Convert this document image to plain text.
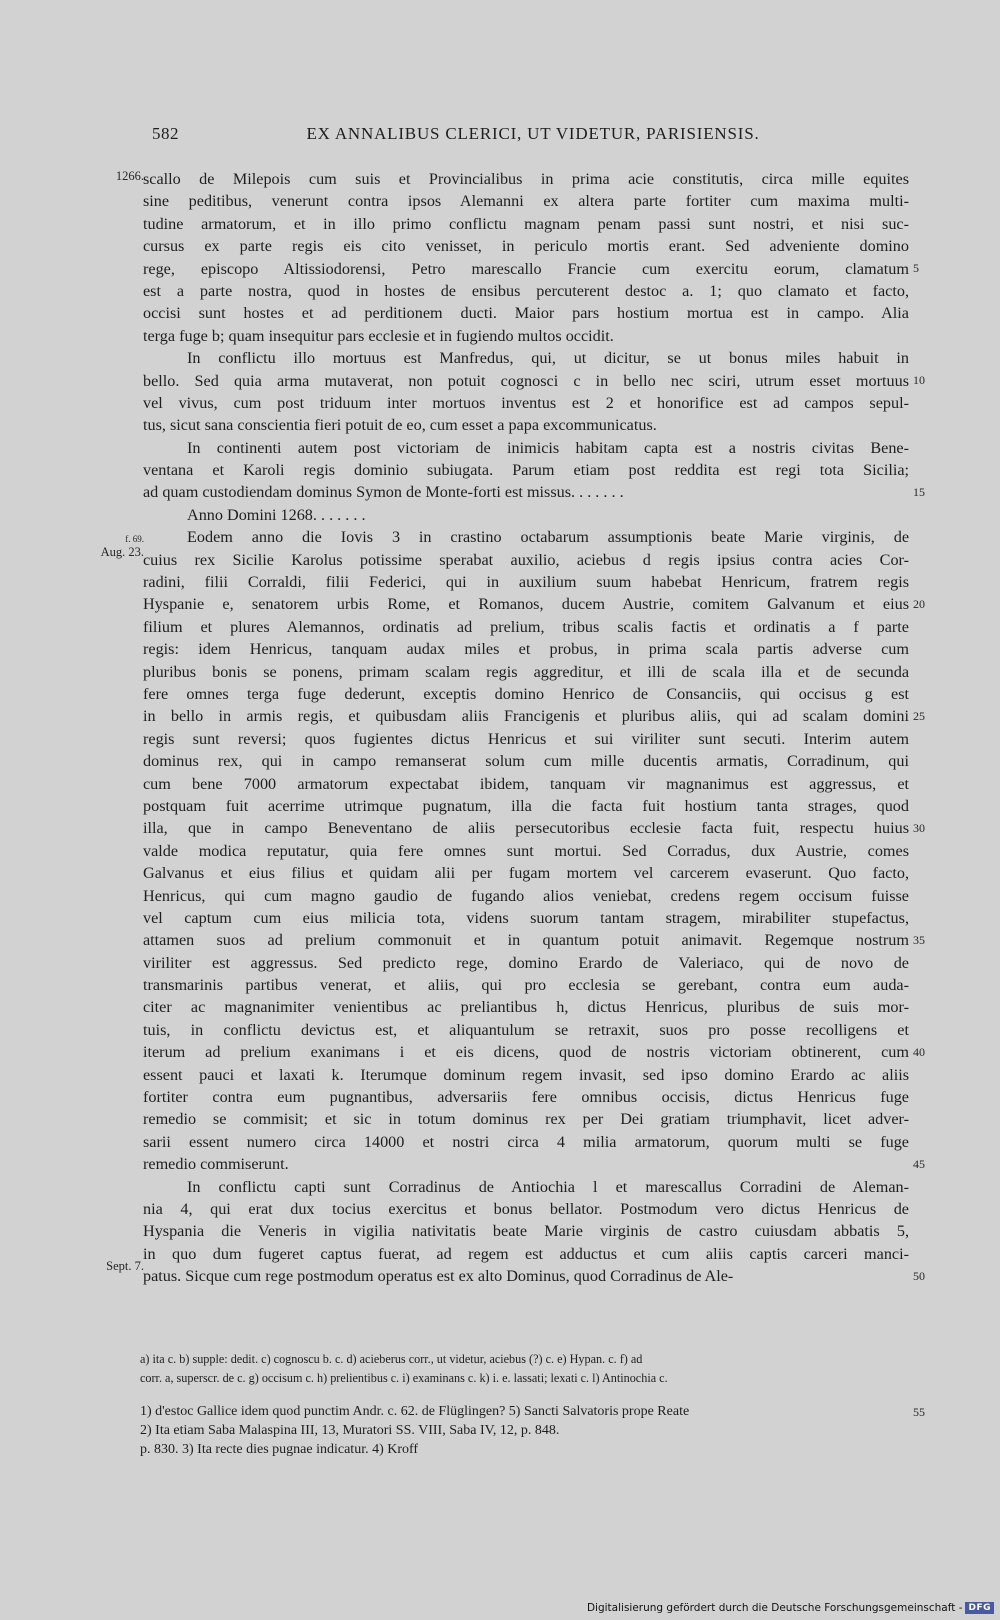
582	EX ANNALIBUS CLERICI, UT VIDETUR, PARISIENSIS.
1266.
f. 69.
Aug. 23.
Sept. 7.
scallo de Milepois cum suis et Provincialibus in prima acie constitutis, circa mille equites
sine peditibus, venerunt contra ipsos Alemanni ex altera parte fortiter cum maxima multi-
tudine armatorum, et in illo primo conflictu magnam penam passi sunt nostri, et nisi suc-
cursus ex parte regis eis cito venisset, in periculo mortis erant. Sed adveniente domino
rege, episcopo Altissiodorensi, Petro marescallo Francie cum exercitu eorum, clamatum
est a parte nostra, quod in hostes de ensibus percuterent destoc a. 1; quo clamato et facto,
occisi sunt hostes et ad perditionem ducti. Maior pars hostium mortua est in campo. Alia
terga fuge b; quam insequitur pars ecclesie et in fugiendo multos occidit.
In conflictu illo mortuus est Manfredus, qui, ut dicitur, se ut bonus miles habuit in
bello. Sed quia arma mutaverat, non potuit cognosci c in bello nec sciri, utrum esset mortuus
vel vivus, cum post triduum inter mortuos inventus est 2 et honorifice est ad campos sepul-
tus, sicut sana conscientia fieri potuit de eo, cum esset a papa excommunicatus.
In continenti autem post victoriam de inimicis habitam capta est a nostris civitas Bene-
ventana et Karoli regis dominio subiugata. Parum etiam post reddita est regi tota Sicilia;
ad quam custodiendam dominus Symon de Monte-forti est missus. . . . . . .
Anno Domini 1268. . . . . . .
Eodem anno die Iovis 3 in crastino octabarum assumptionis beate Marie virginis, de
cuius rex Sicilie Karolus potissime sperabat auxilio, aciebus d regis ipsius contra acies Cor-
radini, filii Corraldi, filii Federici, qui in auxilium suum habebat Henricum, fratrem regis
Hyspanie e, senatorem urbis Rome, et Romanos, ducem Austrie, comitem Galvanum et eius
filium et plures Alemannos, ordinatis ad prelium, tribus scalis factis et ordinatis a f parte
regis: idem Henricus, tanquam audax miles et probus, in prima scala partis adverse cum
pluribus bonis se ponens, primam scalam regis aggreditur, et illi de scala illa et de secunda
fere omnes terga fuge dederunt, exceptis domino Henrico de Consanciis, qui occisus g est
in bello in armis regis, et quibusdam aliis Francigenis et pluribus aliis, qui ad scalam domini
regis sunt reversi; quos fugientes dictus Henricus et sui viriliter sunt secuti. Interim autem
dominus rex, qui in campo remanserat solum cum mille ducentis armatis, Corradinum, qui
cum bene 7000 armatorum expectabat ibidem, tanquam vir magnanimus est aggressus, et
postquam fuit acerrime utrimque pugnatum, illa die facta fuit hostium tanta strages, quod
illa, que in campo Beneventano de aliis persecutoribus ecclesie facta fuit, respectu huius
valde modica reputatur, quia fere omnes sunt mortui. Sed Corradus, dux Austrie, comes
Galvanus et eius filius et quidam alii per fugam mortem vel carcerem evaserunt. Quo facto,
Henricus, qui cum magno gaudio de fugando alios veniebat, credens regem occisum fuisse
vel captum cum eius milicia tota, videns suorum tantam stragem, mirabiliter stupefactus,
attamen suos ad prelium commonuit et in quantum potuit animavit. Regemque nostrum
viriliter est aggressus. Sed predicto rege, domino Erardo de Valeriaco, qui de novo de
transmarinis partibus venerat, et aliis, qui pro ecclesia se gerebant, contra eum auda-
citer ac magnanimiter venientibus ac preliantibus h, dictus Henricus, pluribus de suis mor-
tuis, in conflictu devictus est, et aliquantulum se retraxit, suos pro posse recolligens et
iterum ad prelium exanimans i et eis dicens, quod de nostris victoriam obtinerent, cum
essent pauci et laxati k. Iterumque dominum regem invasit, sed ipso domino Erardo ac aliis
fortiter contra eum pugnantibus, adversariis fere omnibus occisis, dictus Henricus fuge
remedio se commisit; et sic in totum dominus rex per Dei gratiam triumphavit, licet adver-
sarii essent numero circa 14000 et nostri circa 4 milia armatorum, quorum multi se fuge
remedio commiserunt.
In conflictu capti sunt Corradinus de Antiochia l et marescallus Corradini de Aleman-
nia 4, qui erat dux tocius exercitus et bonus bellator. Postmodum vero dictus Henricus de
Hyspania die Veneris in vigilia nativitatis beate Marie virginis de castro cuiusdam abbatis 5,
in quo dum fugeret captus fuerat, ad regem est adductus et cum aliis captis carceri manci-
patus. Sicque cum rege postmodum operatus est ex alto Dominus, quod Corradinus de Ale-
5
10
15
20
25
30
35
40
45
50
55
a) ita c. b) supple: dedit. c) cognoscu b. c. d) acieberus corr., ut videtur, aciebus (?) c. e) Hypan. c. f) ad
corr. a, superscr. de c. g) occisum c. h) prelientibus c. i) examinans c. k) i. e. lassati; lexati c. l) Antinochia c.
1) d'estoc Gallice idem quod punctim Andr. c. 62. de Flüglingen? 5) Sancti Salvatoris prope Reate
2) Ita etiam Saba Malaspina III, 13, Muratori SS. VIII, Saba IV, 12, p. 848.
p. 830. 3) Ita recte dies pugnae indicatur. 4) Kroff
Digitalisierung gefördert durch die Deutsche Forschungsgemeinschaft - DFG
